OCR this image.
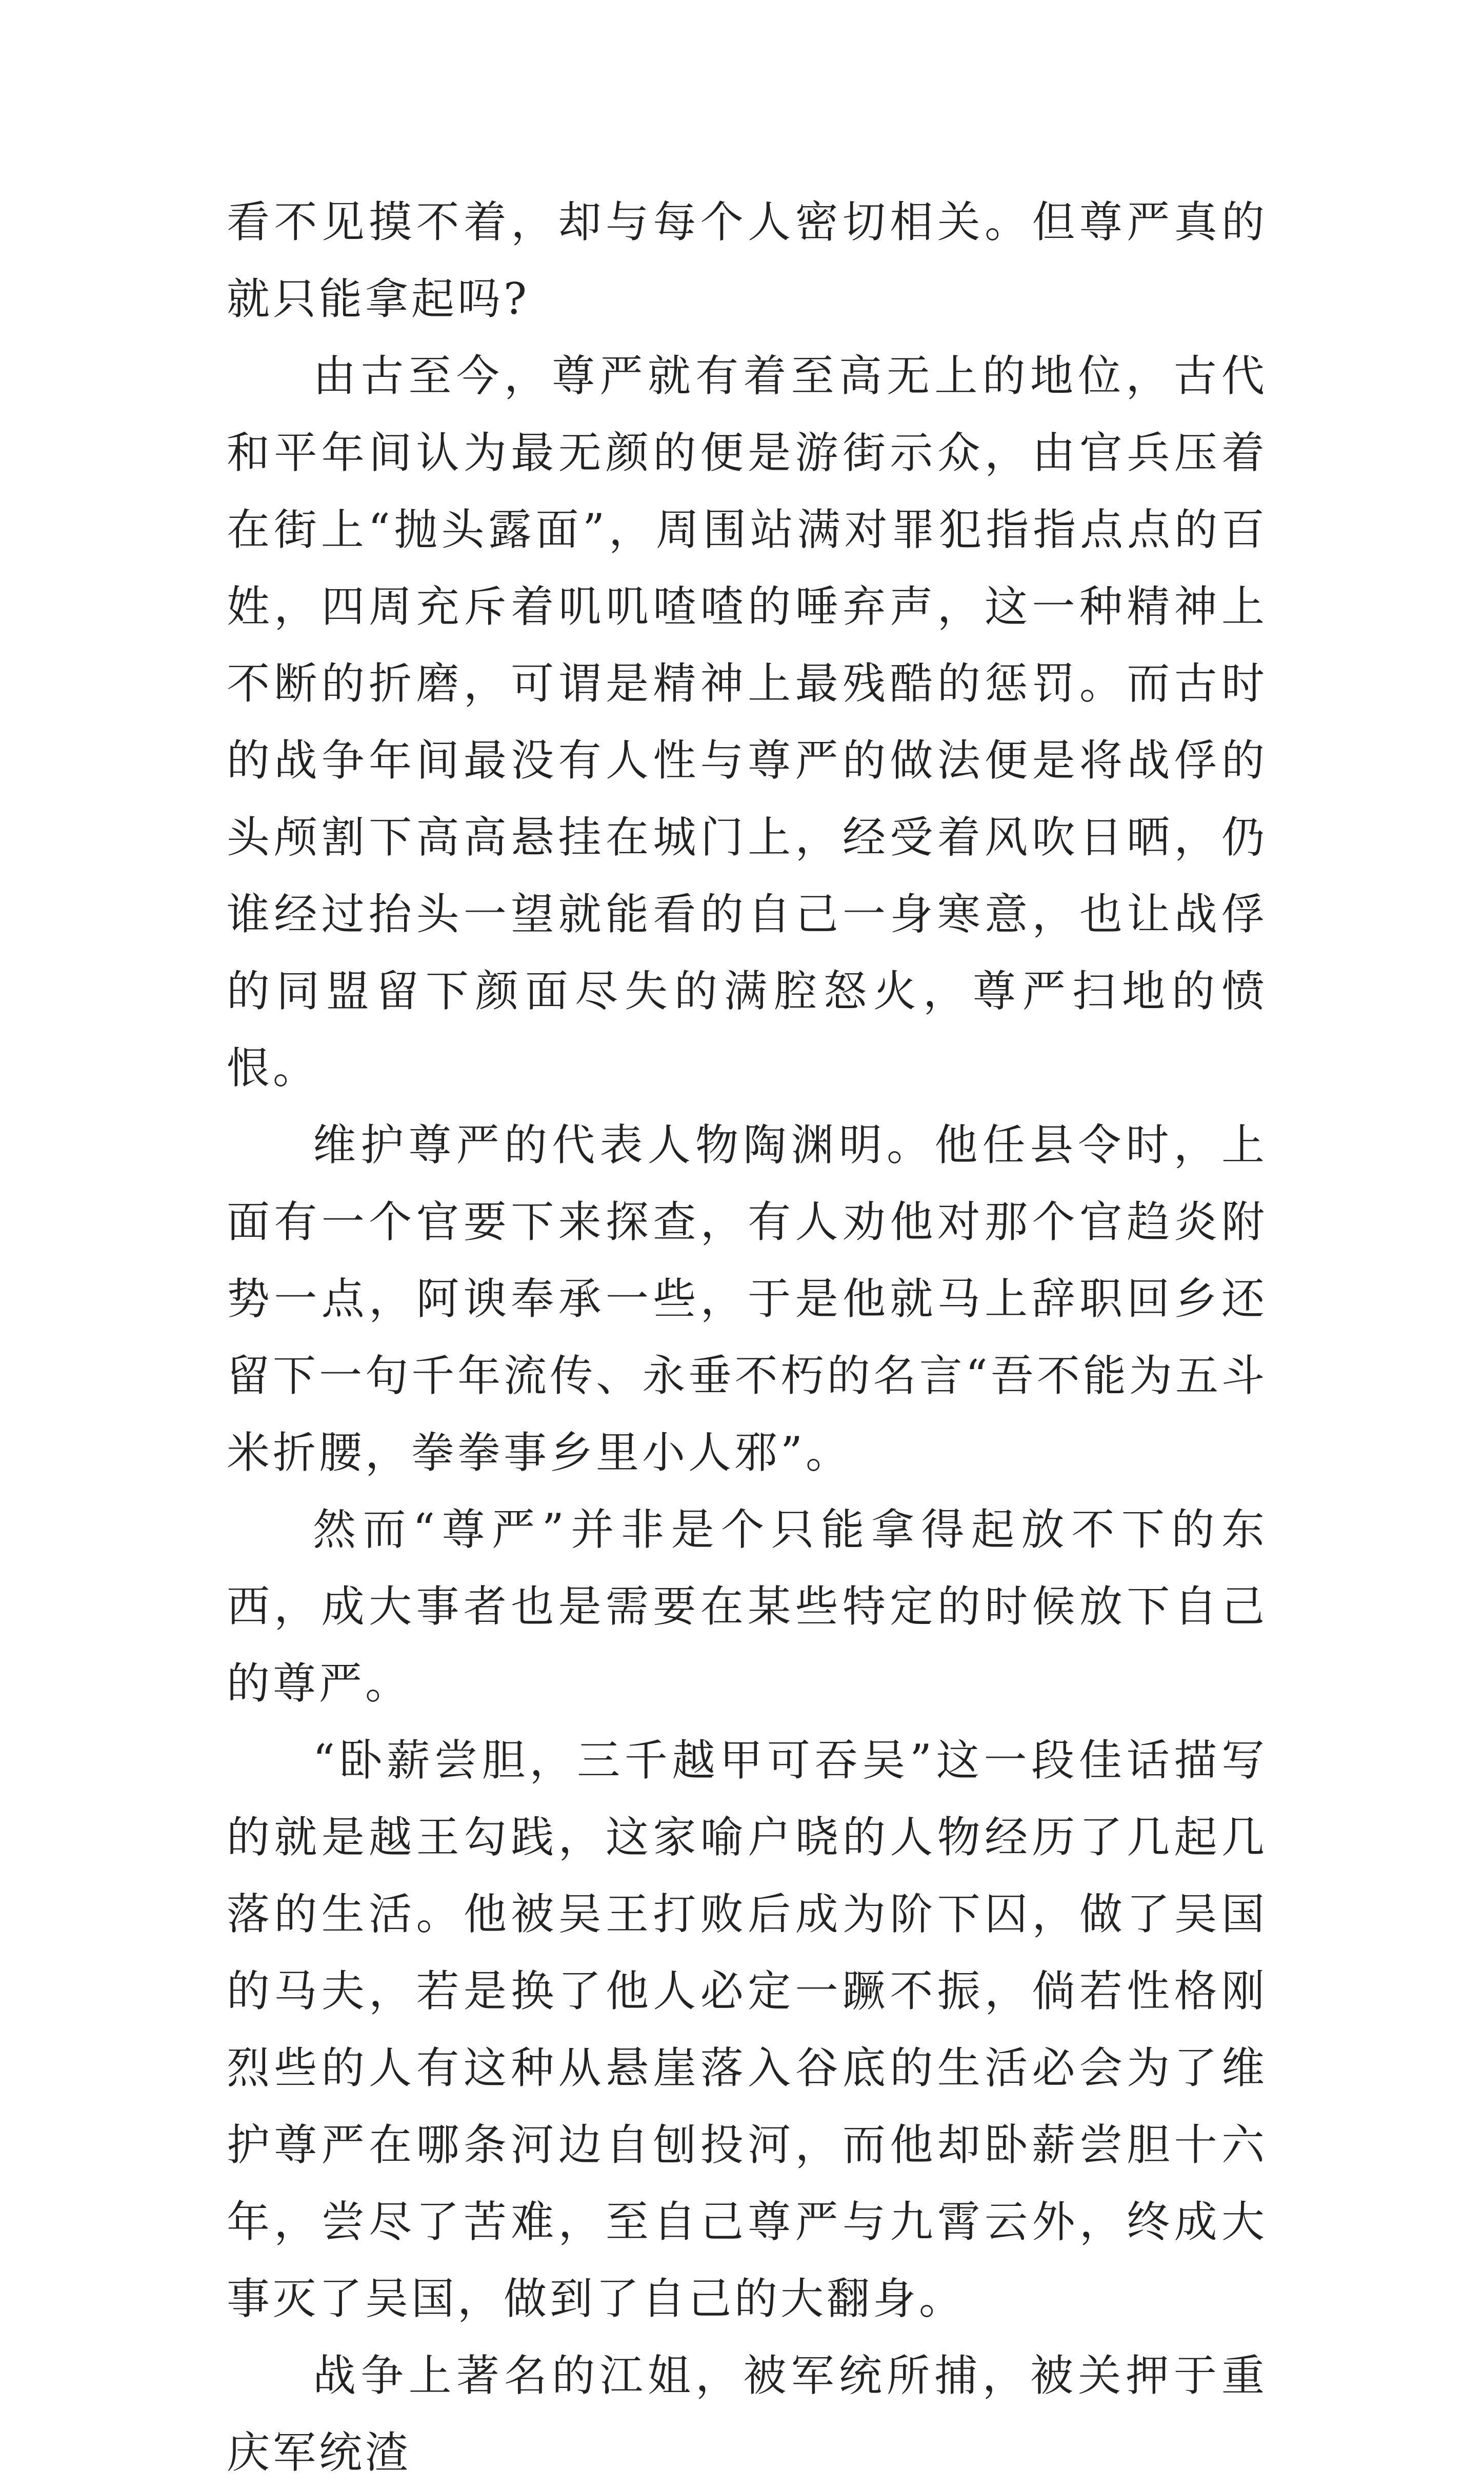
看不见摸不着，却与每个人密切相关。但尊严真的就只能拿起吗?

由古至今，尊严就有着至高无上的地位，古代和平年间认为最无颜的便是游街示众，由官兵压着在街上“抛头露面”，周围站满对罪犯指指点点的百姓，四周充斥着叽叽喳喳的唾弃声，这一种精神上不断的折磨，可谓是精神上最残酷的惩罚。而古时的战争年间最没有人性与尊严的做法便是将战俘的头颅割下高高悬挂在城门上，经受着风吹日晒，仍谁经过抬头一望就能看的自己一身寒意，也让战俘的同盟留下颜面尽失的满腔怒火，尊严扫地的愤恨。

维护尊严的代表人物陶渊明。他任县令时，上面有一个官要下来探查，有人劝他对那个官趋炎附势一点，阿谀奉承一些，于是他就马上辞职回乡还留下一句千年流传、永垂不朽的名言“吾不能为五斗米折腰，拳拳事乡里小人邪”。

然而“尊严”并非是个只能拿得起放不下的东西，成大事者也是需要在某些特定的时候放下自己的尊严。

“卧薪尝胆，三千越甲可吞吴”这一段佳话描写的就是越王勾践，这家喻户晓的人物经历了几起几落的生活。他被吴王打败后成为阶下囚，做了吴国的马夫，若是换了他人必定一蹶不振，倘若性格刚烈些的人有这种从悬崖落入谷底的生活必会为了维护尊严在哪条河边自刨投河，而他却卧薪尝胆十六年，尝尽了苦难，至自己尊严与九霄云外，终成大事灭了吴国，做到了自己的大翻身。

战争上著名的江姐，被军统所捕，被关押于重庆军统渣
